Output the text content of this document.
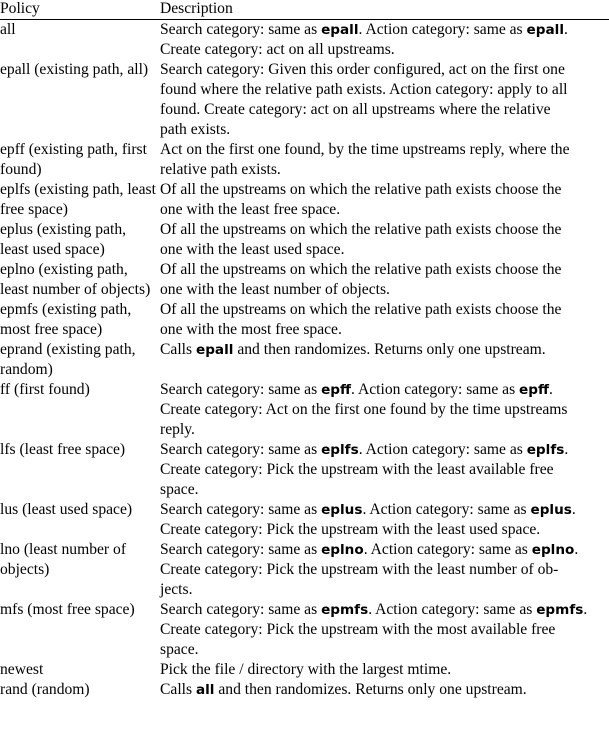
Policy	Description
all	Search category: same as epall. Action category: same as epall.
Create category: act on all upstreams.

epall (existing path, all)	Search category: Given this order configured, act on the first one
found where the relative path exists. Action category: apply to all
found. Create category: act on all upstreams where the relative
path exists.

epff (existing path, first found)	Act on the first one found, by the time upstreams reply, where the
relative path exists.

eplfs (existing path, least free space)	Of all the upstreams on which the relative path exists choose the
one with the least free space.

eplus (existing path, least used space)	Of all the upstreams on which the relative path exists choose the
one with the least used space.

eplno (existing path, least number of objects)	Of all the upstreams on which the relative path exists choose the
one with the least number of objects.

epmfs (existing path, most free space)	Of all the upstreams on which the relative path exists choose the
one with the most free space.

eprand (existing path, random)	Calls epall and then randomizes. Returns only one upstream.

ff (first found)	Search category: same as epff. Action category: same as epff.
Create category: Act on the first one found by the time upstreams
reply.

lfs (least free space)	Search category: same as eplfs. Action category: same as eplfs.
Create category: Pick the upstream with the least available free
space.

lus (least used space)	Search category: same as eplus. Action category: same as eplus.
Create category: Pick the upstream with the least used space.

lno (least number of objects)	Search category: same as eplno. Action category: same as eplno.
Create category: Pick the upstream with the least number of ob-
jects.

mfs (most free space)	Search category: same as epmfs. Action category: same as epmfs.
Create category: Pick the upstream with the most available free
space.

newest	Pick the file / directory with the largest mtime.

rand (random)	Calls all and then randomizes. Returns only one upstream.
